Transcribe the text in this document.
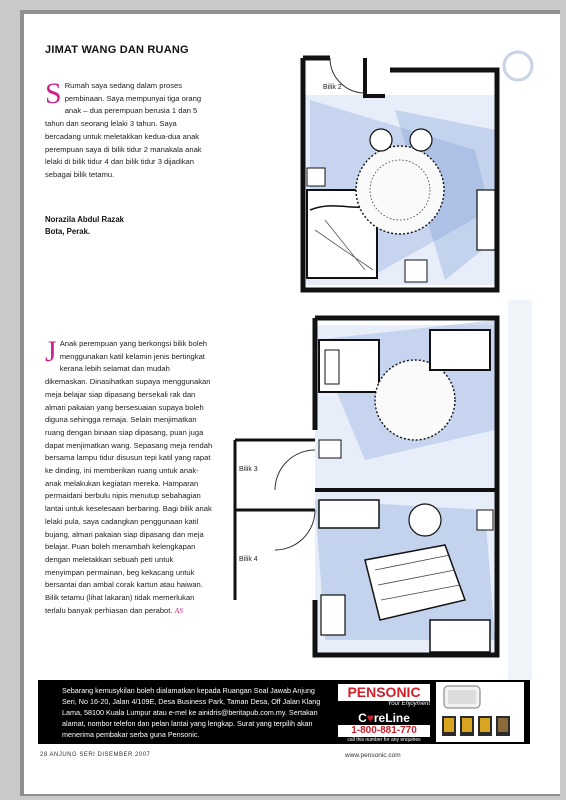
JIMAT WANG DAN RUANG
S Rumah saya sedang dalam proses pembinaan. Saya mempunyai tiga orang anak – dua perempuan berusia 1 dan 5 tahun dan seorang lelaki 3 tahun. Saya bercadang untuk meletakkan kedua-dua anak perempuan saya di bilik tidur 2 manakala anak lelaki di bilik tidur 4 dan bilik tidur 3 dijadikan sebagai bilik tetamu.
Norazila Abdul Razak
Bota, Perak.
J Anak perempuan yang berkongsi bilik boleh menggunakan katil kelamin jenis bertingkat kerana lebih selamat dan mudah dikemaskan. Dinasihatkan supaya menggunakan meja belajar siap dipasang bersekali rak dan almari pakaian yang bersesuaian supaya boleh diguna sehingga remaja. Selain menjimatkan ruang dengan binaan siap dipasang, puan juga dapat menjimatkan wang. Sepasang meja rendah bersama lampu tidur disusun tepi katil yang rapat ke dinding, ini memberikan ruang untuk anak-anak melakukan kegiatan mereka. Hamparan permaidani berbulu nipis menutup sebahagian lantai untuk keselesaan berbaring. Bagi bilik anak lelaki pula, saya cadangkan penggunaan katil bujang, almari pakaian siap dipasang dan meja belajar. Puan boleh menambah kelengkapan dengan meletakkan sebuah peti untuk menyimpan permainan, beg kekacang untuk bersantai dan ambal corak kartun atau haiwan. Bilik tetamu (lihat lakaran) tidak memerlukan terlalu banyak perhiasan dan perabot. AS
Bilik 2
Bilik 3
Bilik 4
Sebarang kemusykilan boleh dialamatkan kepada Ruangan Soal Jawab Anjung Seri, No 16-20, Jalan 4/109E, Desa Business Park, Taman Desa, Off Jalan Klang Lama, 58100 Kuala Lumpur atau e-mel ke ainidris@beritapub.com.my. Sertakan alamat, nombor telefon dan pelan lantai yang lengkap. Surat yang terpilih akan menerima pembakar serba guna Pensonic.
PENSONIC
Your Enjoyment
C♥reLine
1-800-881-770
call this number for any enquiries
28 ANJUNG SERI DISEMBER 2007	www.pensonic.com
